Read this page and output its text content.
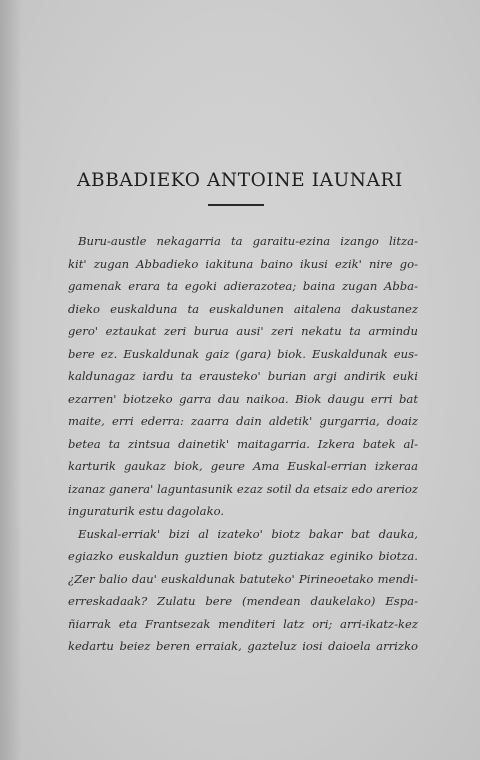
ABBADIEKO ANTOINE IAUNARI
Buru-austle nekagarria ta garaitu-ezina izango litza-
kit' zugan Abbadieko iakituna baino ikusi ezik' nire go-
gamenak erara ta egoki adierazotea; baina zugan Abba-
dieko euskalduna ta euskaldunen aitalena dakustanez
gero' eztaukat zeri burua ausi' zeri nekatu ta armindu
bere ez. Euskaldunak gaiz (gara) biok. Euskaldunak eus-
kaldunagaz iardu ta erausteko' burian argi andirik euki
ezarren' biotzeko garra dau naikoa. Biok daugu erri bat
maite, erri ederra: zaarra dain aldetik' gurgarria, doaiz
betea ta zintsua dainetik' maitagarria. Izkera batek al-
karturik gaukaz biok, geure Ama Euskal-errian izkeraa
izanaz ganera' laguntasunik ezaz sotil da etsaiz edo arerioz
inguraturik estu dagolako.
Euskal-erriak' bizi al izateko' biotz bakar bat dauka,
egiazko euskaldun guztien biotz guztiakaz eginiko biotza.
¿Zer balio dau' euskaldunak batuteko' Pirineoetako mendi-
erreskadaak? Zulatu bere (mendean daukelako) Espa-
ñiarrak eta Frantsezak menditeri latz ori; arri-ikatz-kez
kedartu beiez beren erraiak, gazteluz iosi daioela arrizko
